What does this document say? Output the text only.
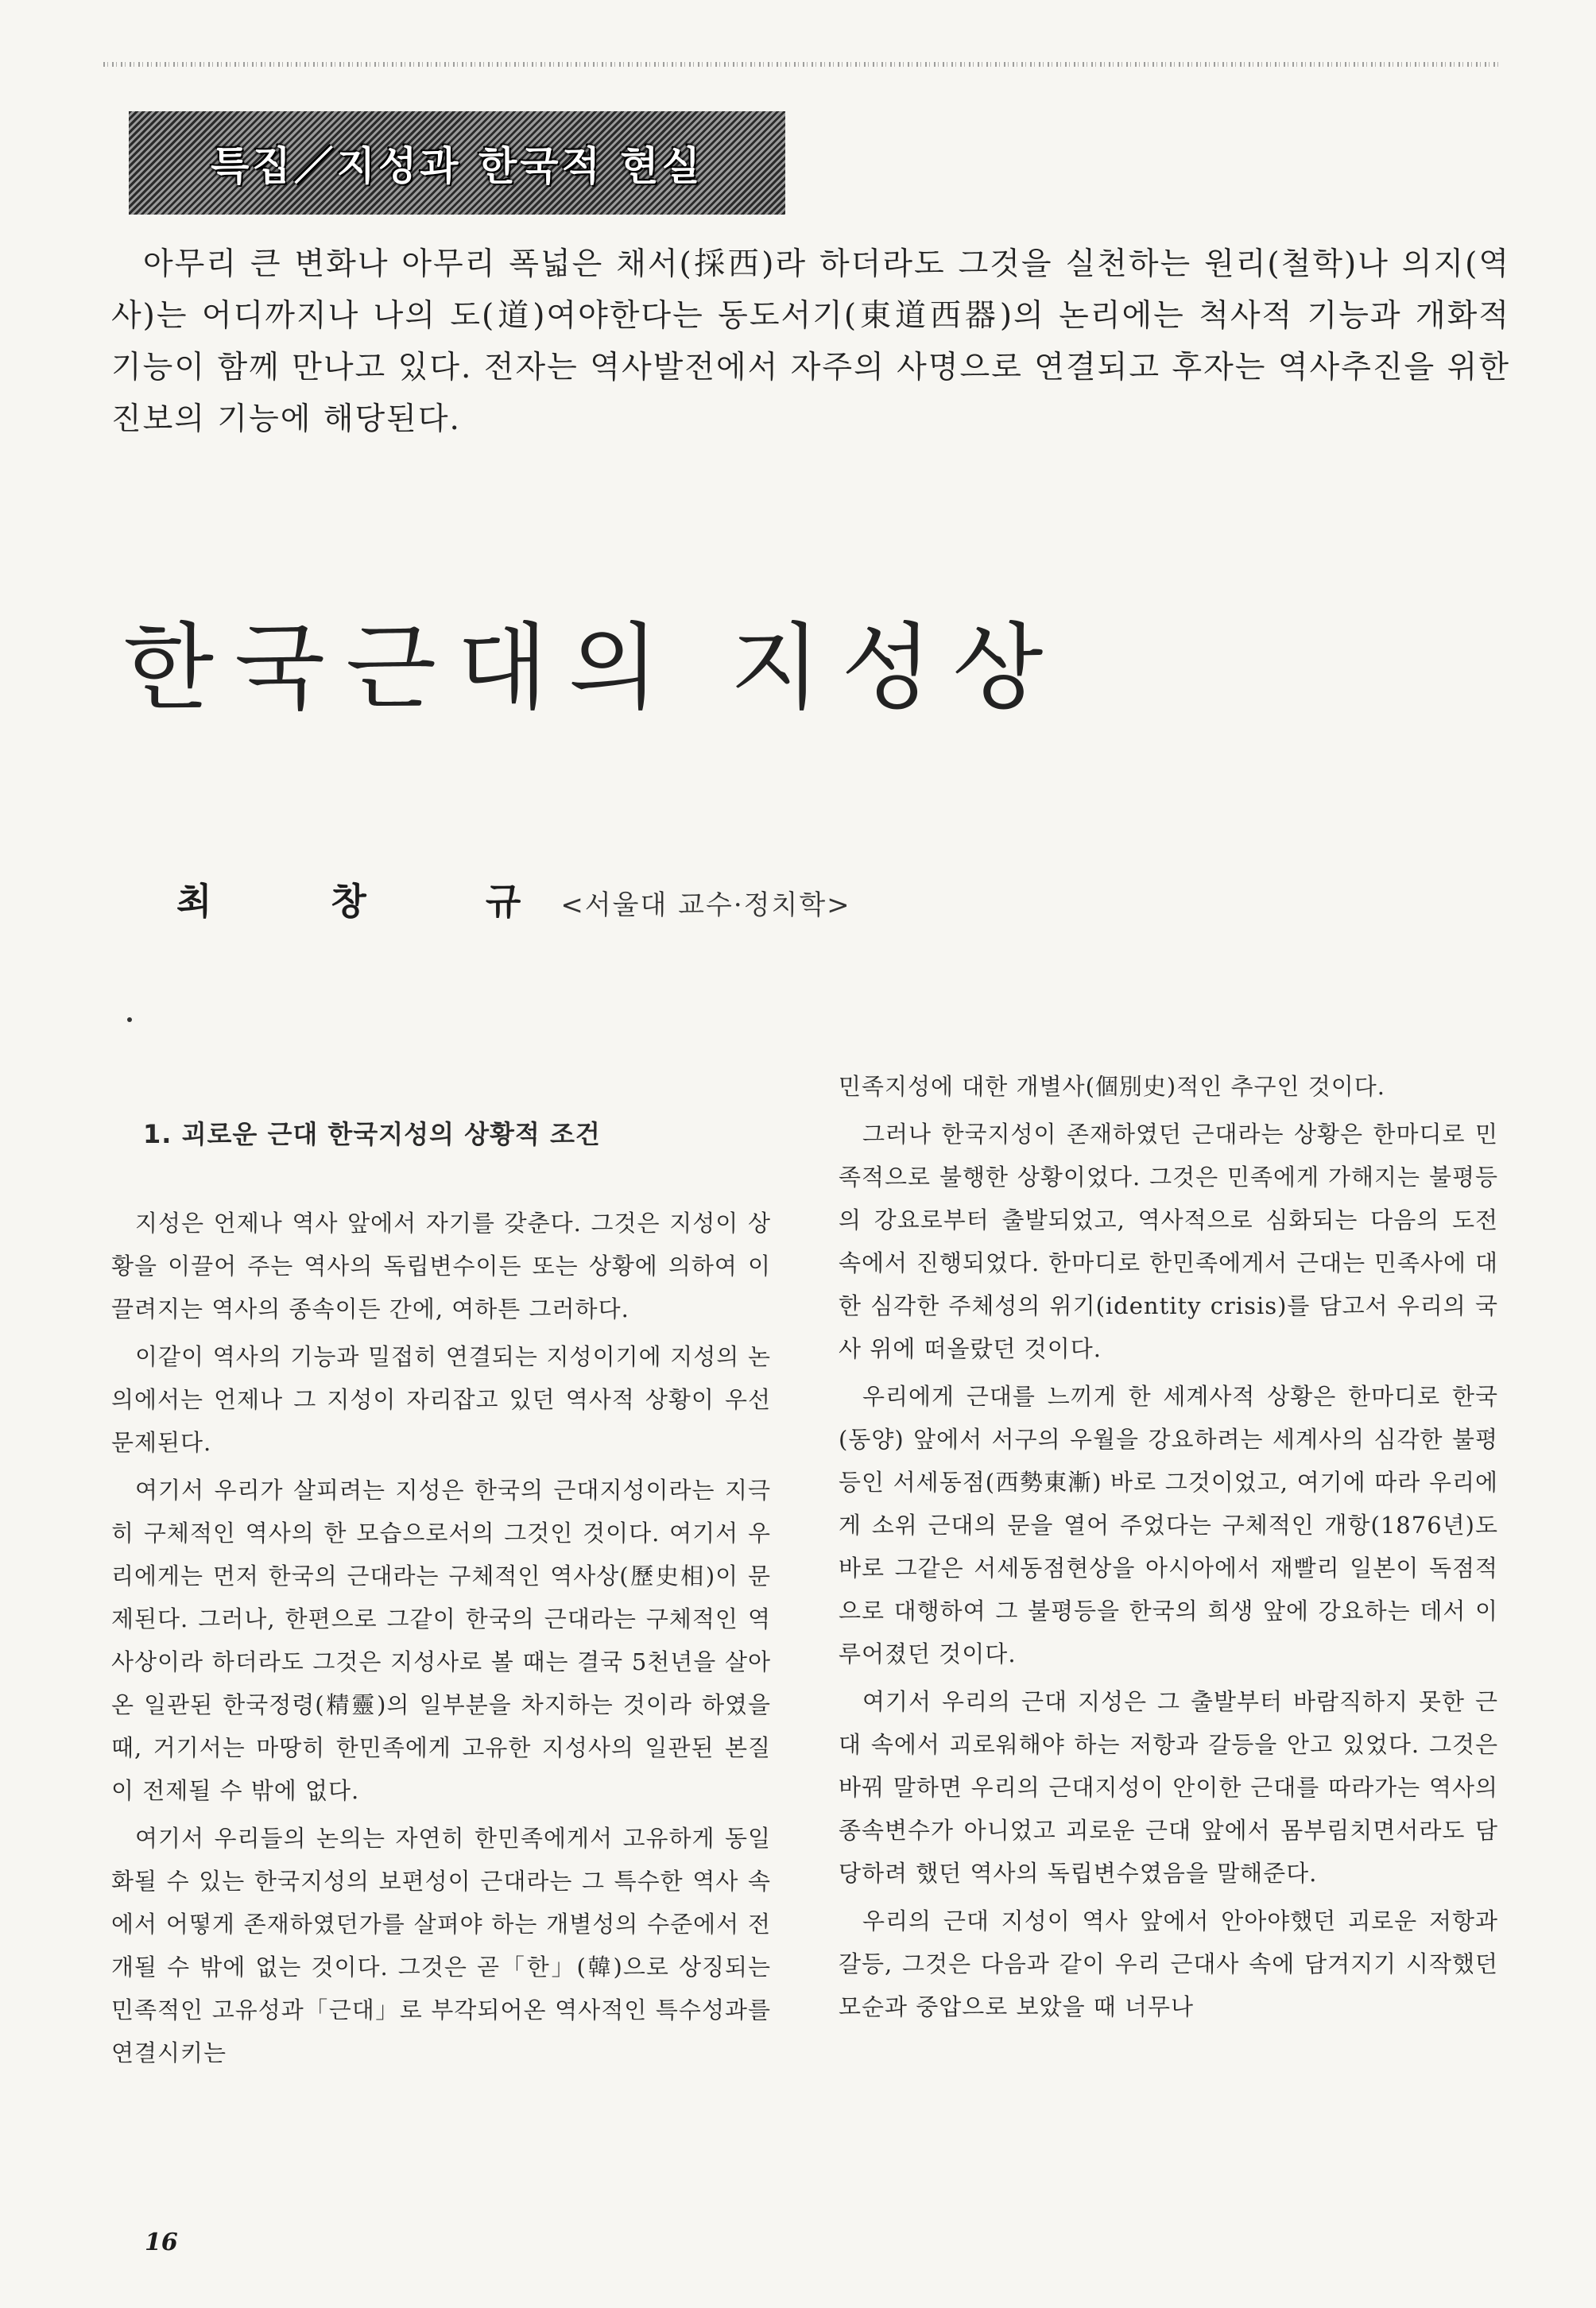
특집／지성과 한국적 현실

아무리 큰 변화나 아무리 폭넓은 채서(採西)라 하더라도 그것을 실천하는 원리(철학)나 의지(역사)는 어디까지나 나의 도(道)여야한다는 동도서기(東道西器)의 논리에는 척사적 기능과 개화적 기능이 함께 만나고 있다. 전자는 역사발전에서 자주의 사명으로 연결되고 후자는 역사추진을 위한 진보의 기능에 해당된다.

한국근대의 지성상
최창규
<서울대 교수·정치학>
1. 괴로운 근대 한국지성의 상황적 조건

지성은 언제나 역사 앞에서 자기를 갖춘다. 그것은 지성이 상황을 이끌어 주는 역사의 독립변수이든 또는 상황에 의하여 이끌려지는 역사의 종속이든 간에, 여하튼 그러하다.

이같이 역사의 기능과 밀접히 연결되는 지성이기에 지성의 논의에서는 언제나 그 지성이 자리잡고 있던 역사적 상황이 우선 문제된다.

여기서 우리가 살피려는 지성은 한국의 근대지성이라는 지극히 구체적인 역사의 한 모습으로서의 그것인 것이다. 여기서 우리에게는 먼저 한국의 근대라는 구체적인 역사상(歷史相)이 문제된다. 그러나, 한편으로 그같이 한국의 근대라는 구체적인 역사상이라 하더라도 그것은 지성사로 볼 때는 결국 5천년을 살아온 일관된 한국정령(精靈)의 일부분을 차지하는 것이라 하였을 때, 거기서는 마땅히 한민족에게 고유한 지성사의 일관된 본질이 전제될 수 밖에 없다.

여기서 우리들의 논의는 자연히 한민족에게서 고유하게 동일화될 수 있는 한국지성의 보편성이 근대라는 그 특수한 역사 속에서 어떻게 존재하였던가를 살펴야 하는 개별성의 수준에서 전개될 수 밖에 없는 것이다. 그것은 곧「한」(韓)으로 상징되는 민족적인 고유성과「근대」로 부각되어온 역사적인 특수성과를 연결시키는

민족지성에 대한 개별사(個別史)적인 추구인 것이다.

그러나 한국지성이 존재하였던 근대라는 상황은 한마디로 민족적으로 불행한 상황이었다. 그것은 민족에게 가해지는 불평등의 강요로부터 출발되었고, 역사적으로 심화되는 다음의 도전 속에서 진행되었다. 한마디로 한민족에게서 근대는 민족사에 대한 심각한 주체성의 위기(identity crisis)를 담고서 우리의 국사 위에 떠올랐던 것이다.

우리에게 근대를 느끼게 한 세계사적 상황은 한마디로 한국(동양) 앞에서 서구의 우월을 강요하려는 세계사의 심각한 불평등인 서세동점(西勢東漸) 바로 그것이었고, 여기에 따라 우리에게 소위 근대의 문을 열어 주었다는 구체적인 개항(1876년)도 바로 그같은 서세동점현상을 아시아에서 재빨리 일본이 독점적으로 대행하여 그 불평등을 한국의 희생 앞에 강요하는 데서 이루어졌던 것이다.

여기서 우리의 근대 지성은 그 출발부터 바람직하지 못한 근대 속에서 괴로워해야 하는 저항과 갈등을 안고 있었다. 그것은 바꿔 말하면 우리의 근대지성이 안이한 근대를 따라가는 역사의 종속변수가 아니었고 괴로운 근대 앞에서 몸부림치면서라도 담당하려 했던 역사의 독립변수였음을 말해준다.

우리의 근대 지성이 역사 앞에서 안아야했던 괴로운 저항과 갈등, 그것은 다음과 같이 우리 근대사 속에 담겨지기 시작했던 모순과 중압으로 보았을 때 너무나

16
